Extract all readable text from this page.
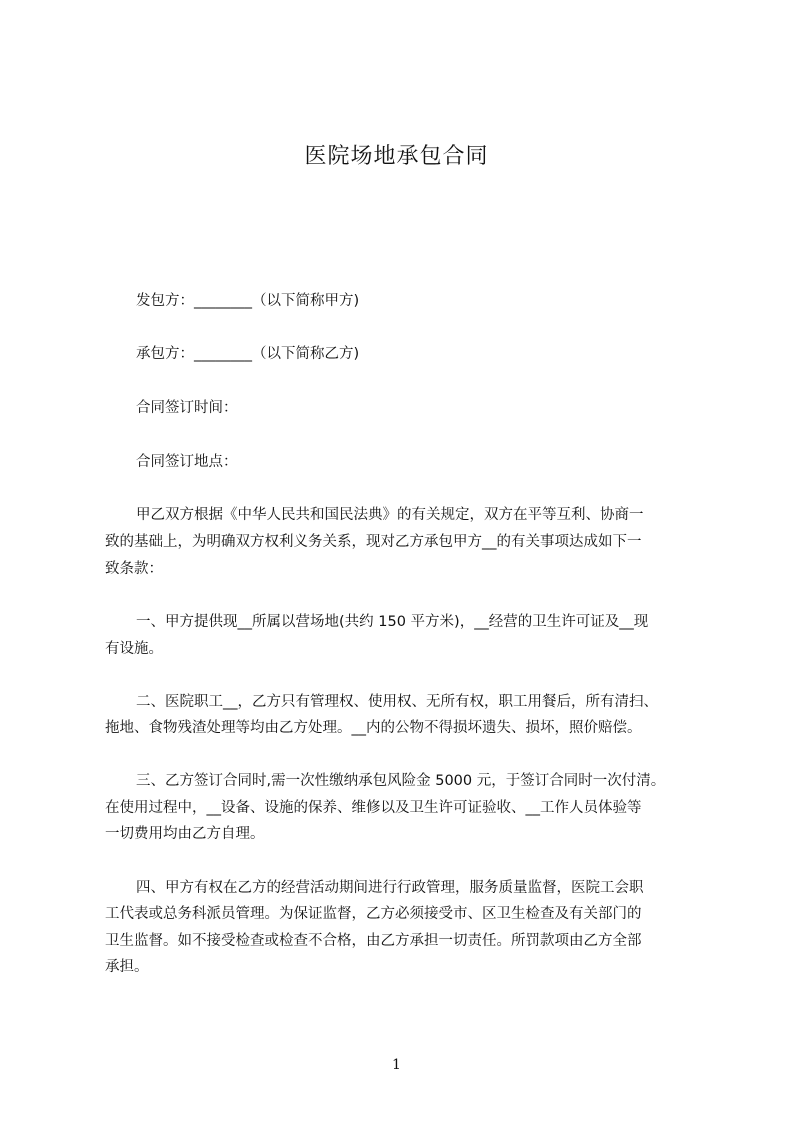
医院场地承包合同
发包方：________（以下简称甲方)
承包方：________（以下简称乙方)
合同签订时间：
合同签订地点：
甲乙双方根据《中华人民共和国民法典》的有关规定，双方在平等互利、协商一
致的基础上，为明确双方权利义务关系，现对乙方承包甲方__的有关事项达成如下一
致条款：
一、甲方提供现__所属以营场地(共约 150 平方米)，__经营的卫生许可证及__现
有设施。
二、医院职工__，乙方只有管理权、使用权、无所有权，职工用餐后，所有清扫、
拖地、食物残渣处理等均由乙方处理。__内的公物不得损坏遗失、损坏，照价赔偿。
三、乙方签订合同时,需一次性缴纳承包风险金 5000 元，于签订合同时一次付清。
在使用过程中，__设备、设施的保养、维修以及卫生许可证验收、__工作人员体验等
一切费用均由乙方自理。
四、甲方有权在乙方的经营活动期间进行行政管理，服务质量监督，医院工会职
工代表或总务科派员管理。为保证监督，乙方必须接受市、区卫生检查及有关部门的
卫生监督。如不接受检查或检查不合格，由乙方承担一切责任。所罚款项由乙方全部
承担。
1
